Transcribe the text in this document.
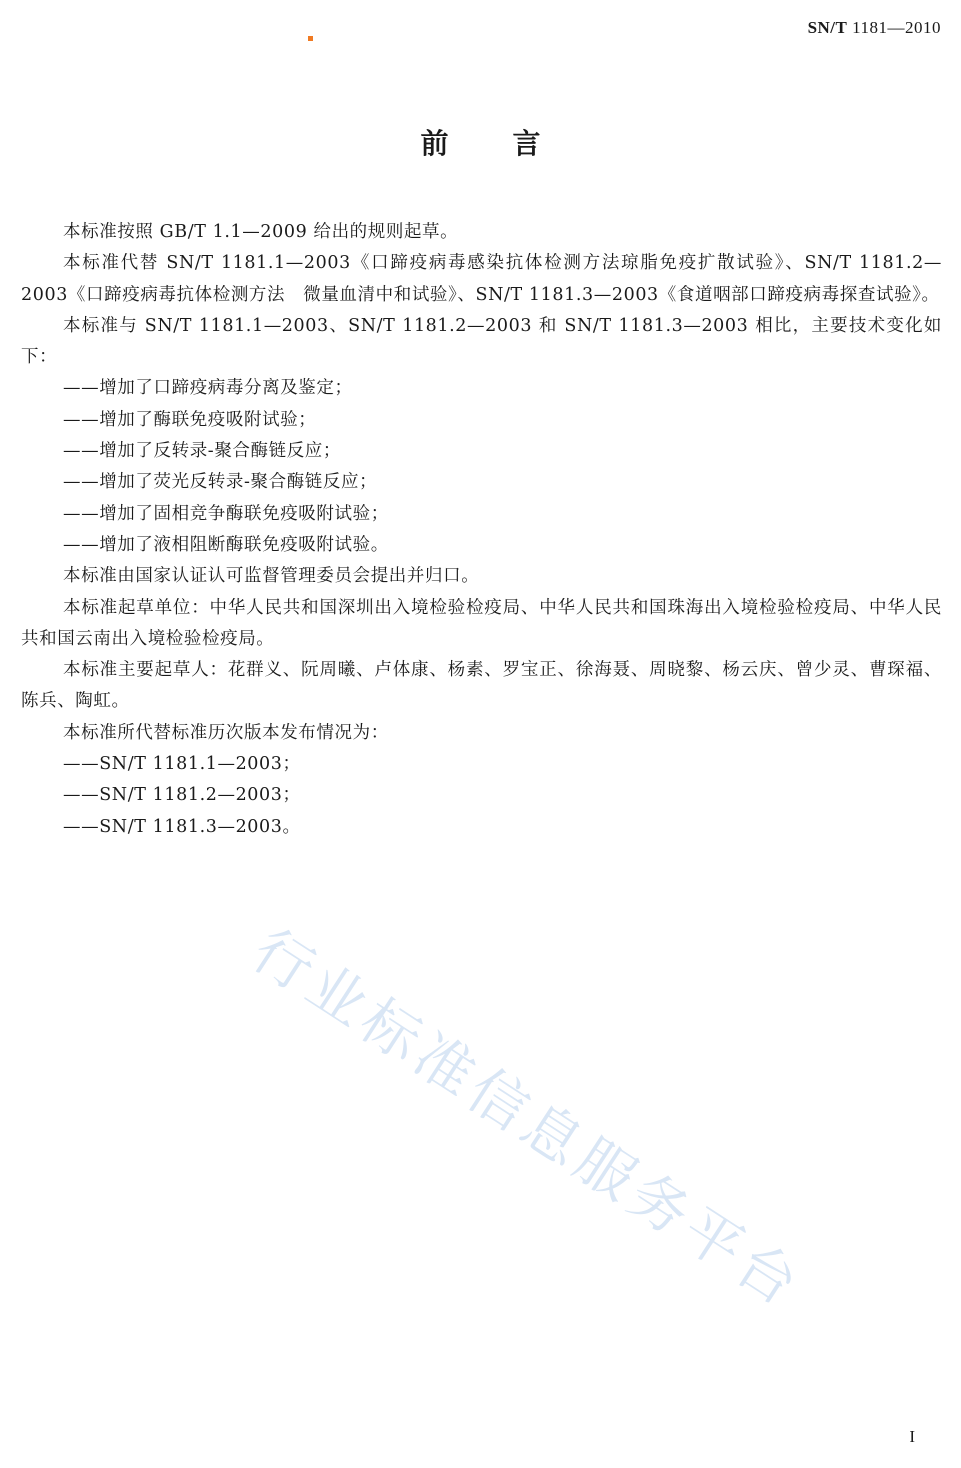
SN/T 1181—2010
前言

本标准按照 GB/T 1.1—2009 给出的规则起草。

本标准代替 SN/T 1181.1—2003《口蹄疫病毒感染抗体检测方法琼脂免疫扩散试验》、SN/T 1181.2—2003《口蹄疫病毒抗体检测方法　微量血清中和试验》、SN/T 1181.3—2003《食道咽部口蹄疫病毒探查试验》。

本标准与 SN/T 1181.1—2003、SN/T 1181.2—2003 和 SN/T 1181.3—2003 相比，主要技术变化如下：

——增加了口蹄疫病毒分离及鉴定；

——增加了酶联免疫吸附试验；

——增加了反转录-聚合酶链反应；

——增加了荧光反转录-聚合酶链反应；

——增加了固相竞争酶联免疫吸附试验；

——增加了液相阻断酶联免疫吸附试验。

本标准由国家认证认可监督管理委员会提出并归口。

本标准起草单位：中华人民共和国深圳出入境检验检疫局、中华人民共和国珠海出入境检验检疫局、中华人民共和国云南出入境检验检疫局。

本标准主要起草人：花群义、阮周曦、卢体康、杨素、罗宝正、徐海聂、周晓黎、杨云庆、曾少灵、曹琛福、陈兵、陶虹。

本标准所代替标准历次版本发布情况为：

——SN/T 1181.1—2003；

——SN/T 1181.2—2003；

——SN/T 1181.3—2003。

行业标准信息服务平台
I
